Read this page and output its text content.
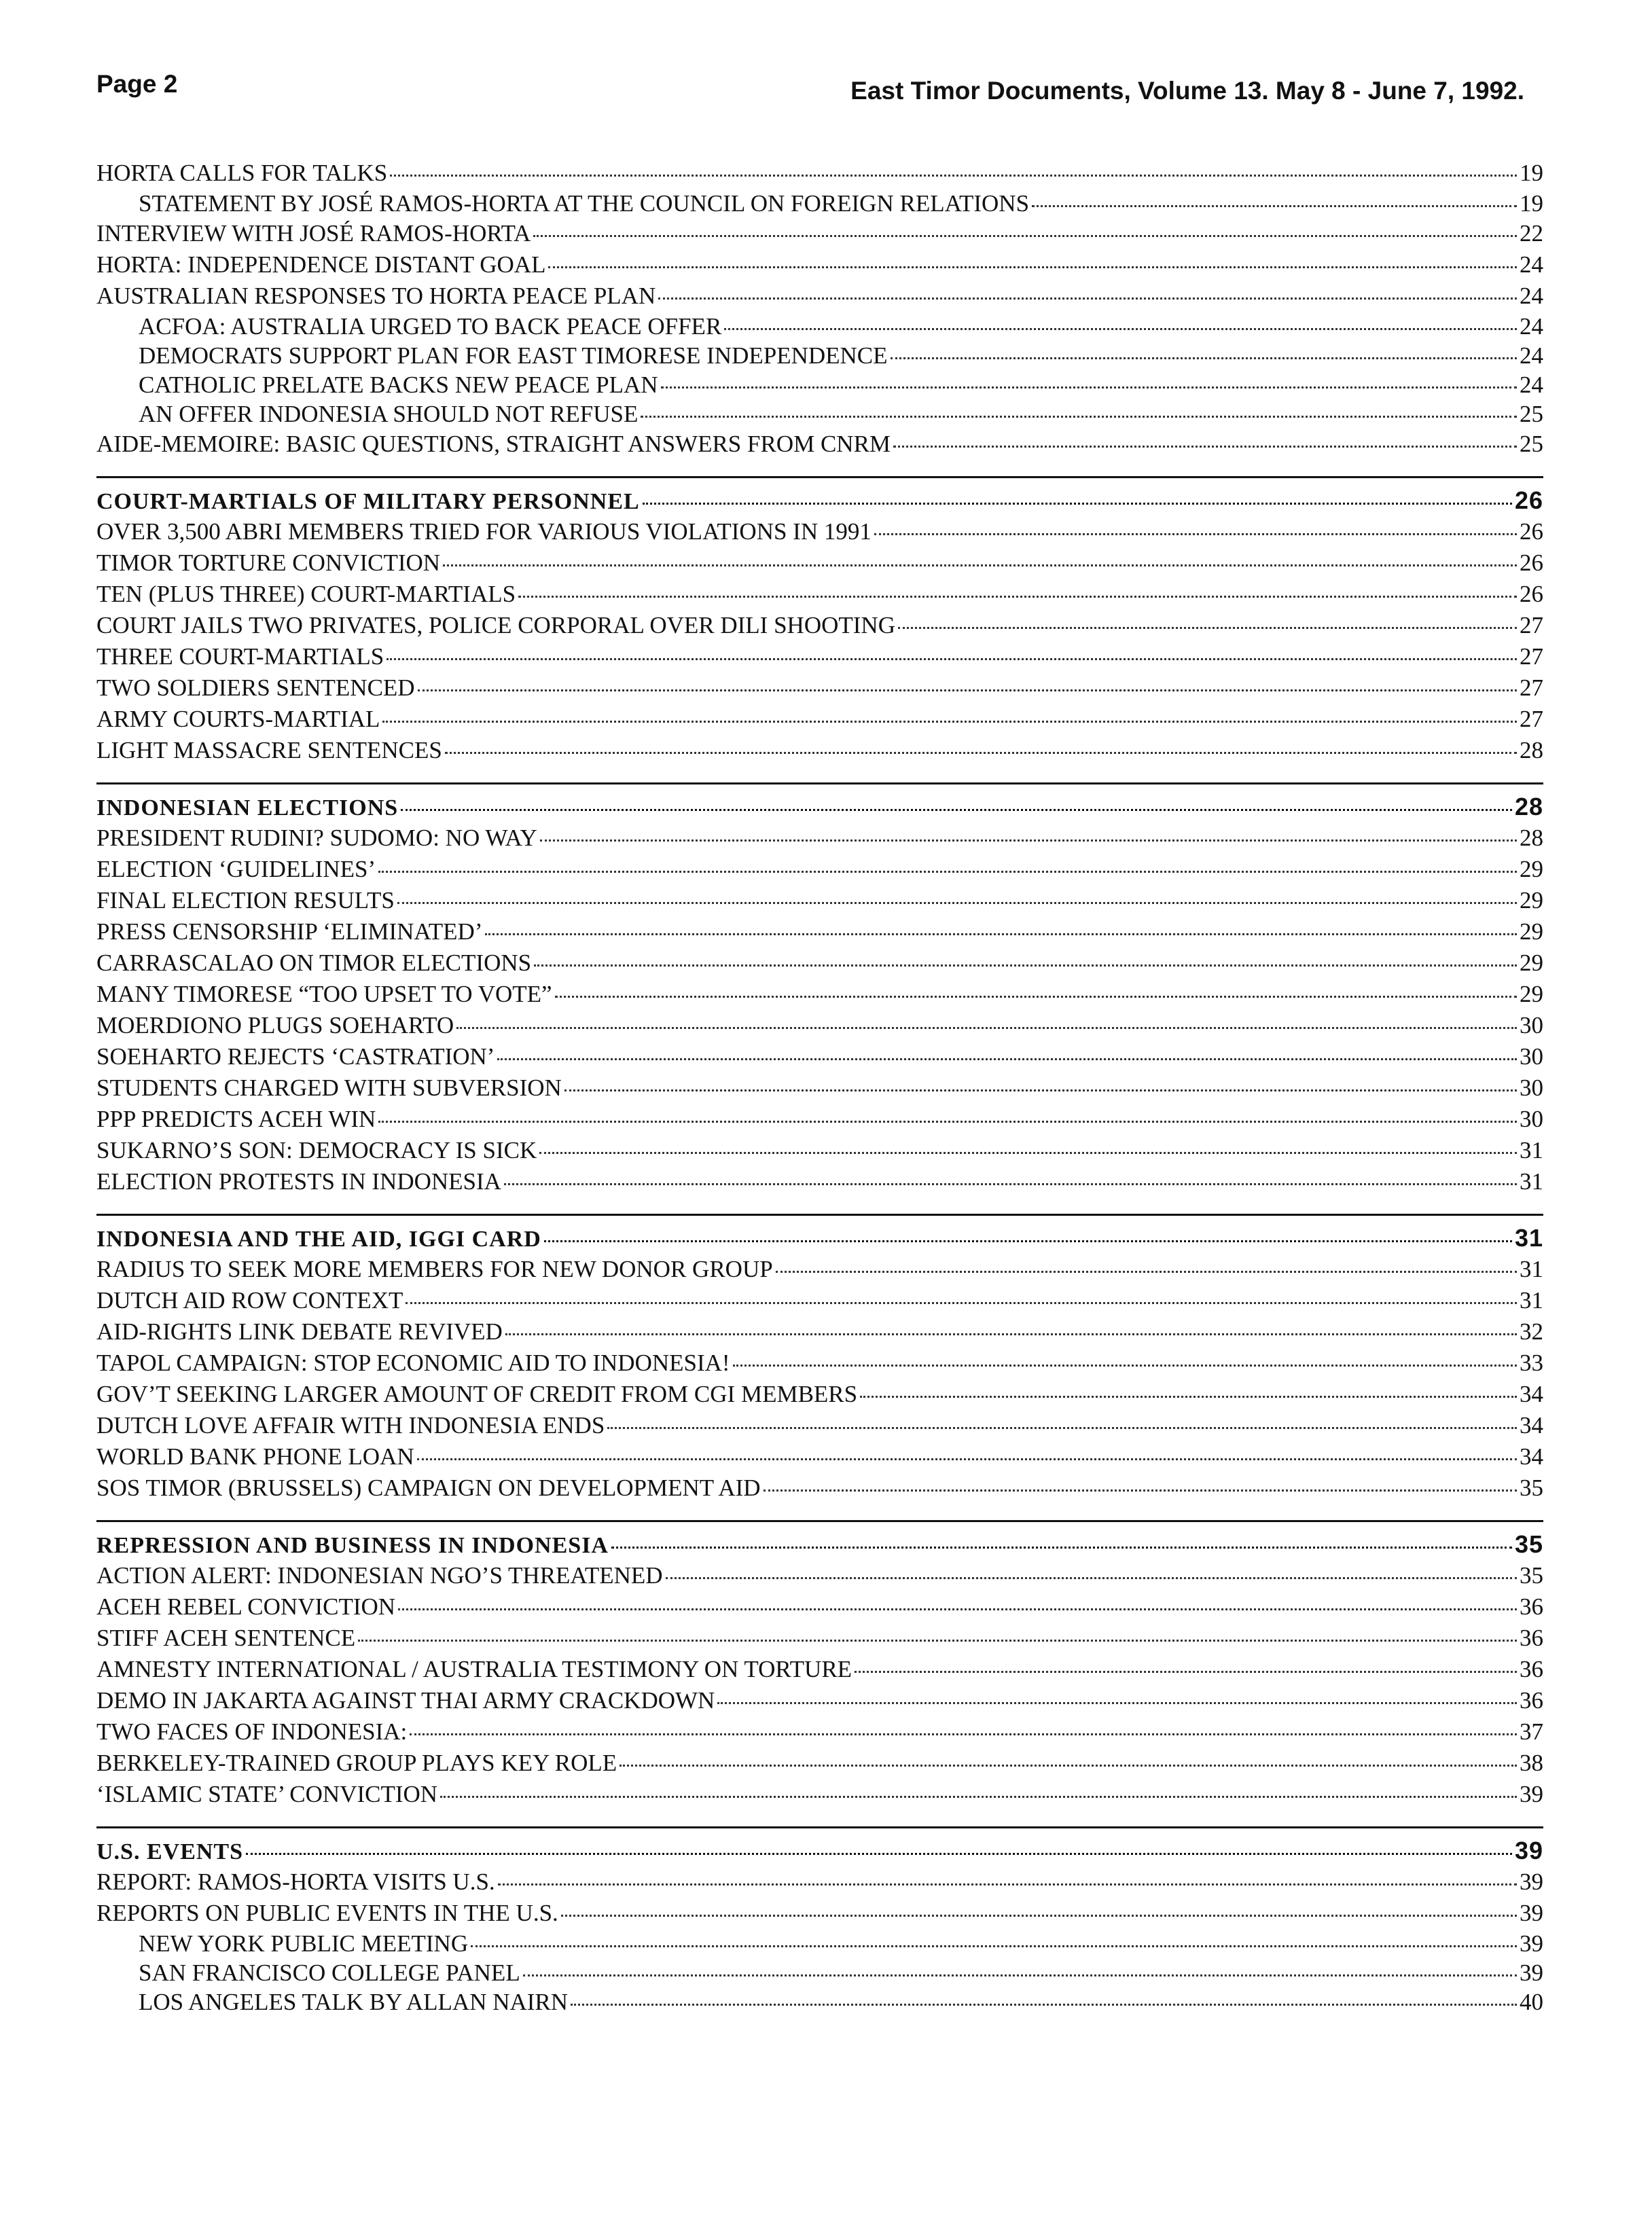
Page 2	East Timor Documents, Volume 13. May 8 - June 7, 1992.
HORTA CALLS FOR TALKS	19
STATEMENT BY JOSÉ RAMOS-HORTA AT THE COUNCIL ON FOREIGN RELATIONS	19
INTERVIEW WITH JOSÉ RAMOS-HORTA	22
HORTA: INDEPENDENCE DISTANT GOAL	24
AUSTRALIAN RESPONSES TO HORTA PEACE PLAN	24
ACFOA: AUSTRALIA URGED TO BACK PEACE OFFER	24
DEMOCRATS SUPPORT PLAN FOR EAST TIMORESE INDEPENDENCE	24
CATHOLIC PRELATE BACKS NEW PEACE PLAN	24
AN OFFER INDONESIA SHOULD NOT REFUSE	25
AIDE-MEMOIRE: BASIC QUESTIONS, STRAIGHT ANSWERS FROM CNRM	25
COURT-MARTIALS OF MILITARY PERSONNEL	26
OVER 3,500 ABRI MEMBERS TRIED FOR VARIOUS VIOLATIONS IN 1991	26
TIMOR TORTURE CONVICTION	26
TEN (PLUS THREE) COURT-MARTIALS	26
COURT JAILS TWO PRIVATES, POLICE CORPORAL OVER DILI SHOOTING	27
THREE COURT-MARTIALS	27
TWO SOLDIERS SENTENCED	27
ARMY COURTS-MARTIAL	27
LIGHT MASSACRE SENTENCES	28
INDONESIAN ELECTIONS	28
PRESIDENT RUDINI? SUDOMO: NO WAY	28
ELECTION ‘GUIDELINES’	29
FINAL ELECTION RESULTS	29
PRESS CENSORSHIP ‘ELIMINATED’	29
CARRASCALAO ON TIMOR ELECTIONS	29
MANY TIMORESE “TOO UPSET TO VOTE”	29
MOERDIONO PLUGS SOEHARTO	30
SOEHARTO REJECTS ‘CASTRATION’	30
STUDENTS CHARGED WITH SUBVERSION	30
PPP PREDICTS ACEH WIN	30
SUKARNO’S SON: DEMOCRACY IS SICK	31
ELECTION PROTESTS IN INDONESIA	31
INDONESIA AND THE AID, IGGI CARD	31
RADIUS TO SEEK MORE MEMBERS FOR NEW DONOR GROUP	31
DUTCH AID ROW CONTEXT	31
AID-RIGHTS LINK DEBATE REVIVED	32
TAPOL CAMPAIGN: STOP ECONOMIC AID TO INDONESIA!	33
GOV’T SEEKING LARGER AMOUNT OF CREDIT FROM CGI MEMBERS	34
DUTCH LOVE AFFAIR WITH INDONESIA ENDS	34
WORLD BANK PHONE LOAN	34
SOS TIMOR (BRUSSELS) CAMPAIGN ON DEVELOPMENT AID	35
REPRESSION AND BUSINESS IN INDONESIA	35
ACTION ALERT: INDONESIAN NGO’S THREATENED	35
ACEH REBEL CONVICTION	36
STIFF ACEH SENTENCE	36
AMNESTY INTERNATIONAL / AUSTRALIA TESTIMONY ON TORTURE	36
DEMO IN JAKARTA AGAINST THAI ARMY CRACKDOWN	36
TWO FACES OF INDONESIA:	37
BERKELEY-TRAINED GROUP PLAYS KEY ROLE	38
‘ISLAMIC STATE’ CONVICTION	39
U.S. EVENTS	39
REPORT: RAMOS-HORTA VISITS U.S.	39
REPORTS ON PUBLIC EVENTS IN THE U.S.	39
NEW YORK PUBLIC MEETING	39
SAN FRANCISCO COLLEGE PANEL	39
LOS ANGELES TALK BY ALLAN NAIRN	40
